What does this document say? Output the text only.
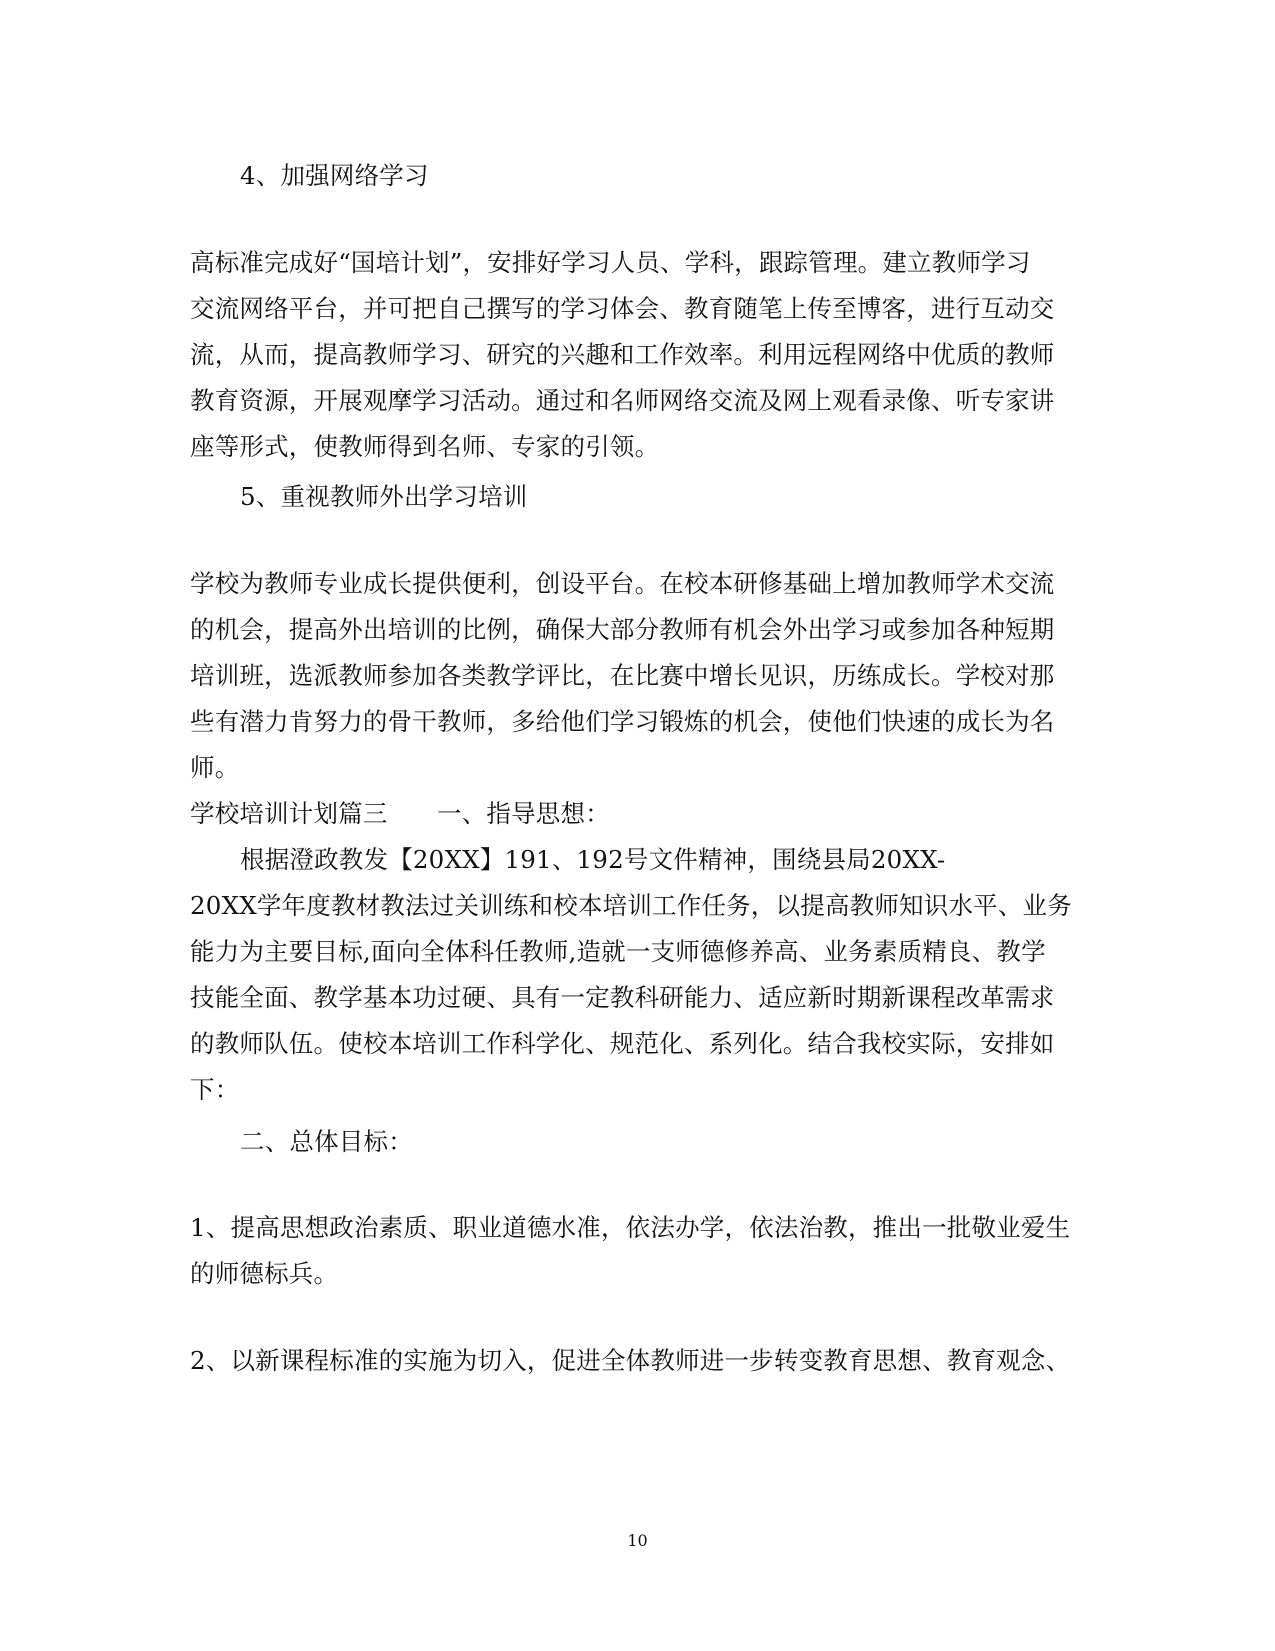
4、加强网络学习
高标准完成好“国培计划”，安排好学习人员、学科，跟踪管理。建立教师学习
交流网络平台，并可把自己撰写的学习体会、教育随笔上传至博客，进行互动交
流，从而，提高教师学习、研究的兴趣和工作效率。利用远程网络中优质的教师
教育资源，开展观摩学习活动。通过和名师网络交流及网上观看录像、听专家讲
座等形式，使教师得到名师、专家的引领。
5、重视教师外出学习培训
学校为教师专业成长提供便利，创设平台。在校本研修基础上增加教师学术交流
的机会，提高外出培训的比例，确保大部分教师有机会外出学习或参加各种短期
培训班，选派教师参加各类教学评比，在比赛中增长见识，历练成长。学校对那
些有潜力肯努力的骨干教师，多给他们学习锻炼的机会，使他们快速的成长为名
师。
学校培训计划篇三　　一、指导思想：
根据澄政教发【20XX】191、192号文件精神，围绕县局20XX-
20XX学年度教材教法过关训练和校本培训工作任务，以提高教师知识水平、业务
能力为主要目标,面向全体科任教师,造就一支师德修养高、业务素质精良、教学
技能全面、教学基本功过硬、具有一定教科研能力、适应新时期新课程改革需求
的教师队伍。使校本培训工作科学化、规范化、系列化。结合我校实际，安排如
下：
二、总体目标：
1、提高思想政治素质、职业道德水准，依法办学，依法治教，推出一批敬业爱生
的师德标兵。
2、以新课程标准的实施为切入，促进全体教师进一步转变教育思想、教育观念、
10
